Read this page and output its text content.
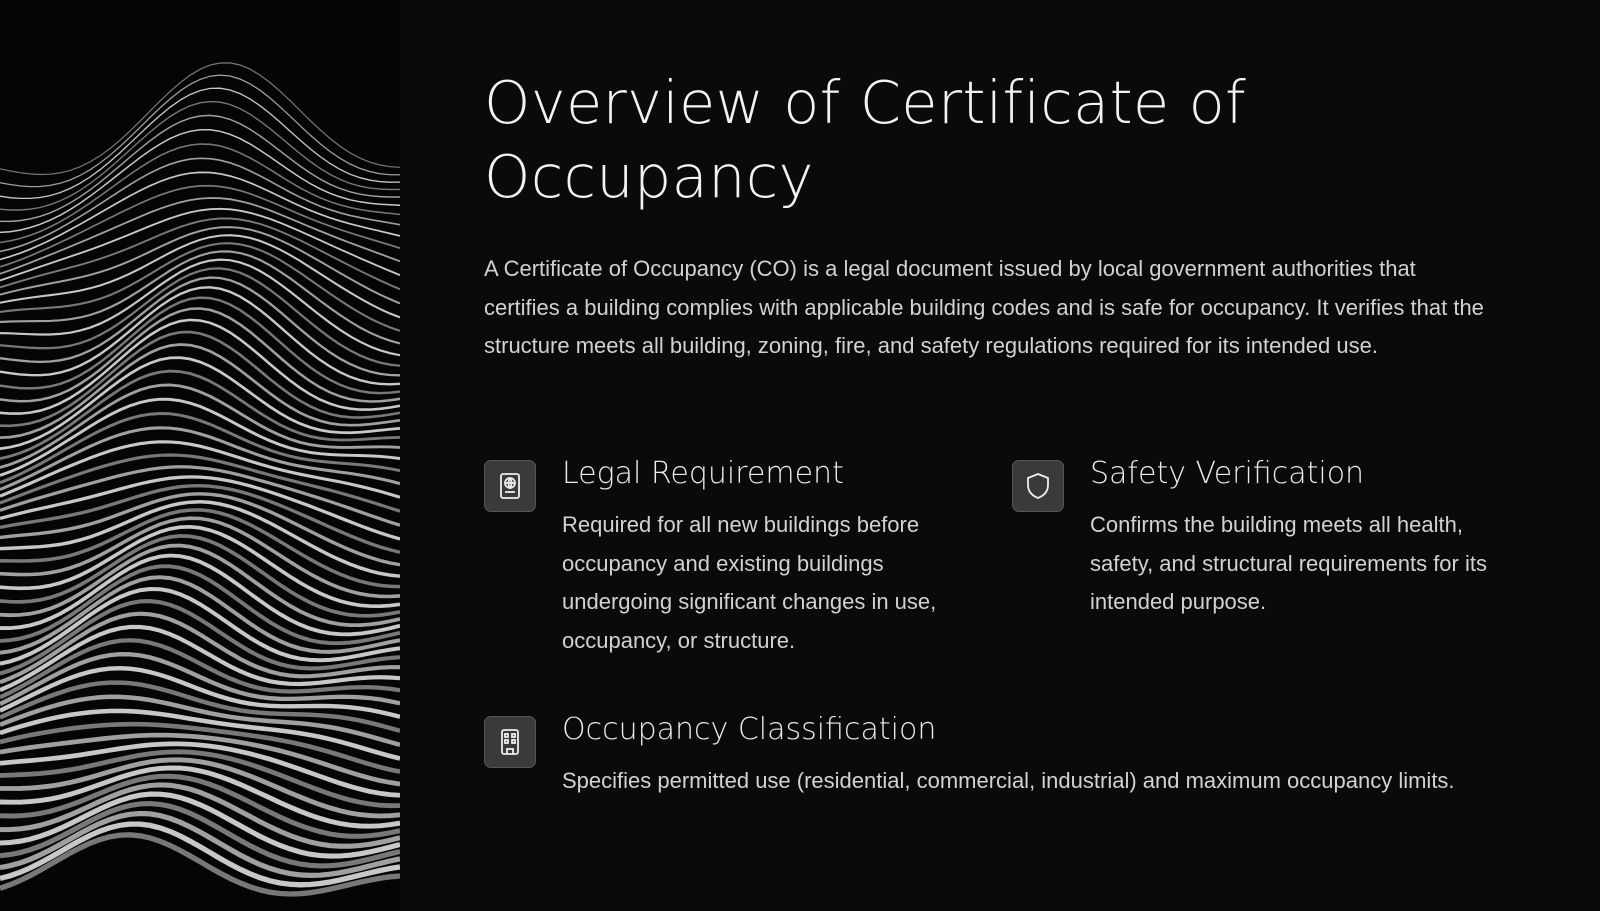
Overview of Certificate of Occupancy
A Certificate of Occupancy (CO) is a legal document issued by local government authorities that certifies a building complies with applicable building codes and is safe for occupancy. It verifies that the structure meets all building, zoning, fire, and safety regulations required for its intended use.
Legal Requirement

Required for all new buildings before occupancy and existing buildings undergoing significant changes in use, occupancy, or structure.

Safety Verification

Confirms the building meets all health, safety, and structural requirements for its intended purpose.

Occupancy Classification

Specifies permitted use (residential, commercial, industrial) and maximum occupancy limits.
